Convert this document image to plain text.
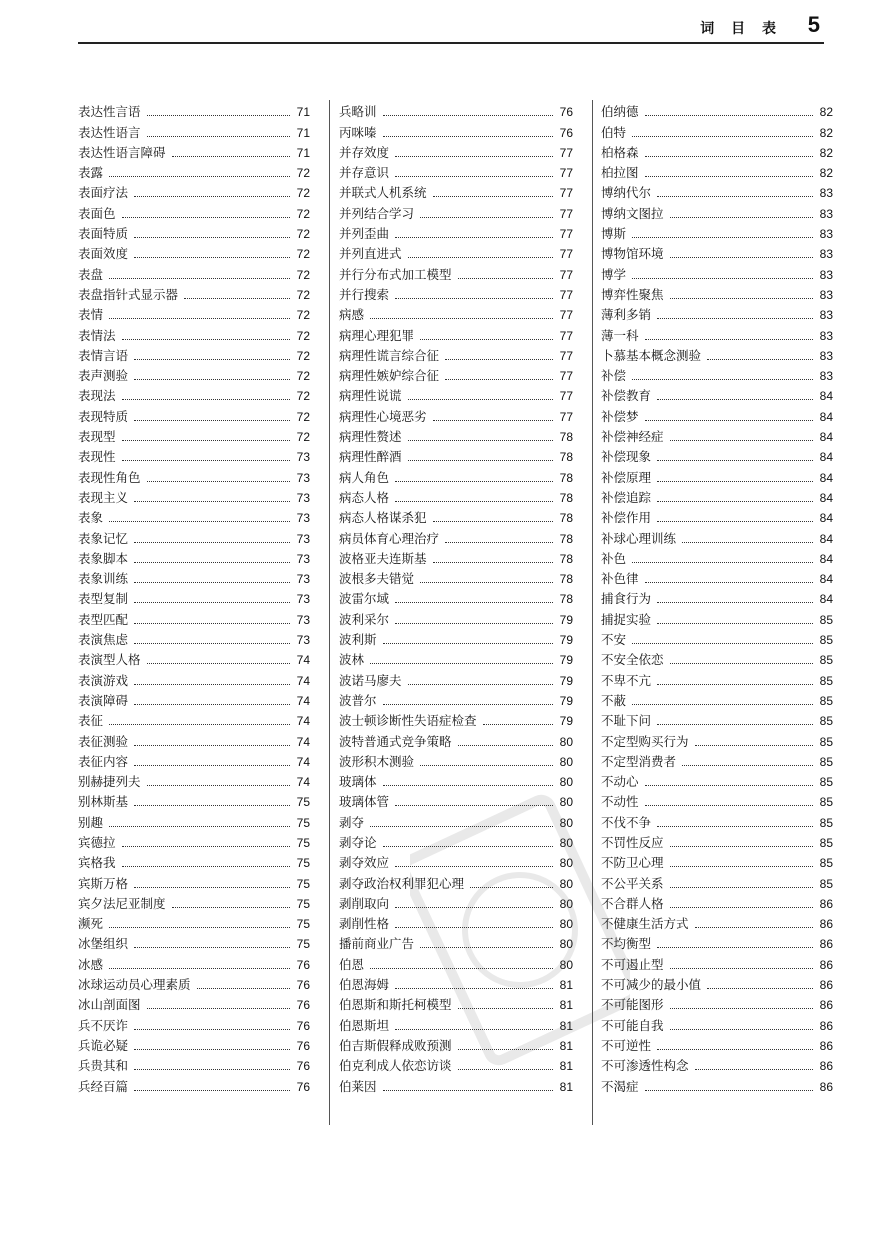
词 目 表 5
表达性言语	71
表达性语言	71
表达性语言障碍	71
表露	72
表面疗法	72
表面色	72
表面特质	72
表面效度	72
表盘	72
表盘指针式显示器	72
表情	72
表情法	72
表情言语	72
表声测验	72
表现法	72
表现特质	72
表现型	72
表现性	73
表现性角色	73
表现主义	73
表象	73
表象记忆	73
表象脚本	73
表象训练	73
表型复制	73
表型匹配	73
表演焦虑	73
表演型人格	74
表演游戏	74
表演障碍	74
表征	74
表征测验	74
表征内容	74
别赫捷列夫	74
别林斯基	75
别趣	75
宾德拉	75
宾格我	75
宾斯万格	75
宾夕法尼亚制度	75
濒死	75
冰堡组织	75
冰感	76
冰球运动员心理素质	76
冰山剖面图	76
兵不厌诈	76
兵诡必疑	76
兵贵其和	76
兵经百篇	76
兵略训	76
丙咪嗪	76
并存效度	77
并存意识	77
并联式人机系统	77
并列结合学习	77
并列歪曲	77
并列直进式	77
并行分布式加工模型	77
并行搜索	77
病感	77
病理心理犯罪	77
病理性谎言综合征	77
病理性嫉妒综合征	77
病理性说谎	77
病理性心境恶劣	77
病理性赘述	78
病理性醉酒	78
病人角色	78
病态人格	78
病态人格谋杀犯	78
病员体育心理治疗	78
波格亚夫连斯基	78
波根多夫错觉	78
波雷尔域	78
波利采尔	79
波利斯	79
波林	79
波诺马廖夫	79
波普尔	79
波士顿诊断性失语症检查	79
波特普通式竞争策略	80
波形积木测验	80
玻璃体	80
玻璃体管	80
剥夺	80
剥夺论	80
剥夺效应	80
剥夺政治权利罪犯心理	80
剥削取向	80
剥削性格	80
播前商业广告	80
伯恩	80
伯恩海姆	81
伯恩斯和斯托柯模型	81
伯恩斯坦	81
伯吉斯假释成败预测	81
伯克利成人依恋访谈	81
伯莱因	81
伯纳德	82
伯特	82
柏格森	82
柏拉图	82
博纳代尔	83
博纳文图拉	83
博斯	83
博物馆环境	83
博学	83
博弈性聚焦	83
薄利多销	83
薄一科	83
卜慕基本概念测验	83
补偿	83
补偿教育	84
补偿梦	84
补偿神经症	84
补偿现象	84
补偿原理	84
补偿追踪	84
补偿作用	84
补球心理训练	84
补色	84
补色律	84
捕食行为	84
捕捉实验	85
不安	85
不安全依恋	85
不卑不亢	85
不蔽	85
不耻下问	85
不定型购买行为	85
不定型消费者	85
不动心	85
不动性	85
不伐不争	85
不罚性反应	85
不防卫心理	85
不公平关系	85
不合群人格	86
不健康生活方式	86
不均衡型	86
不可遏止型	86
不可减少的最小值	86
不可能图形	86
不可能自我	86
不可逆性	86
不可渗透性构念	86
不渴症	86
